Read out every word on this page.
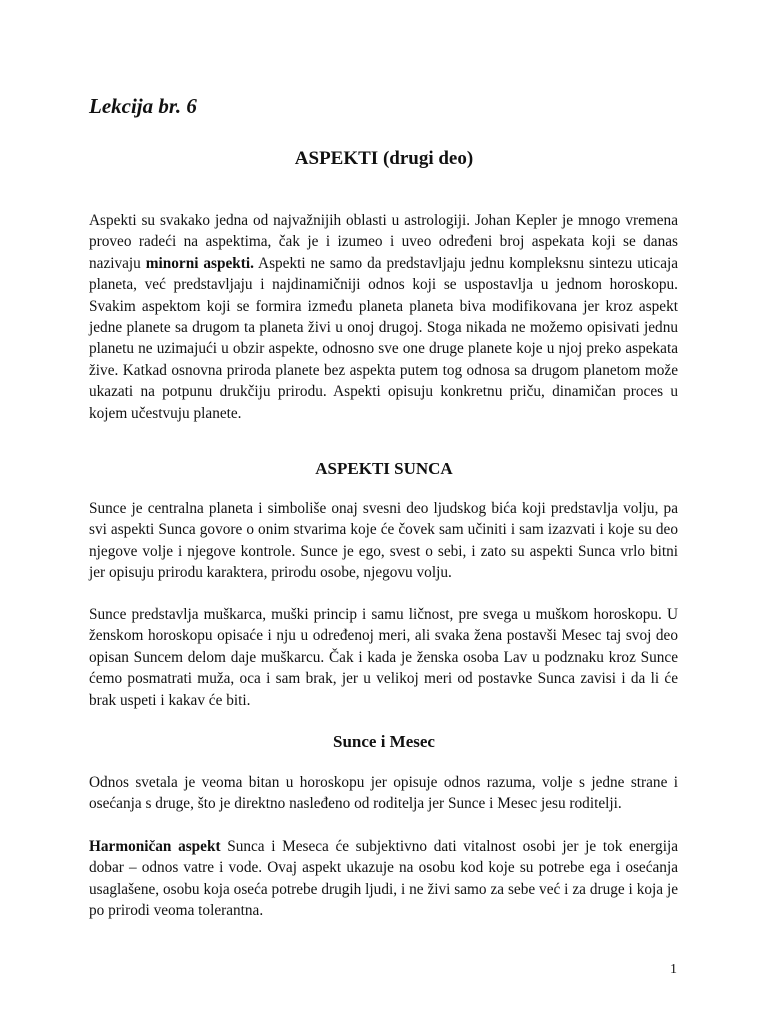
Lekcija br. 6

ASPEKTI (drugi deo)

Aspekti su svakako jedna od najvažnijih oblasti u astrologiji. Johan Kepler je mnogo vremena proveo radeći na aspektima, čak je i izumeo i uveo određeni broj aspekata koji se danas nazivaju minorni aspekti. Aspekti ne samo da predstavljaju jednu kompleksnu sintezu uticaja planeta, već predstavljaju i najdinamičniji odnos koji se uspostavlja u jednom horoskopu. Svakim aspektom koji se formira između planeta planeta biva modifikovana jer kroz aspekt jedne planete sa drugom ta planeta živi u onoj drugoj. Stoga nikada ne možemo opisivati jednu planetu ne uzimajući u obzir aspekte, odnosno sve one druge planete koje u njoj preko aspekata žive. Katkad osnovna priroda planete bez aspekta putem tog odnosa sa drugom planetom može ukazati na potpunu drukčiju prirodu. Aspekti opisuju konkretnu priču, dinamičan proces u kojem učestvuju planete.

ASPEKTI SUNCA

Sunce je centralna planeta i simboliše onaj svesni deo ljudskog bića koji predstavlja volju, pa svi aspekti Sunca govore o onim stvarima koje će čovek sam učiniti i sam izazvati i koje su deo njegove volje i njegove kontrole. Sunce je ego, svest o sebi, i zato su aspekti Sunca vrlo bitni jer opisuju prirodu karaktera, prirodu osobe, njegovu volju.

Sunce predstavlja muškarca, muški princip i samu ličnost, pre svega u muškom horoskopu. U ženskom horoskopu opisaće i nju u određenoj meri, ali svaka žena postavši Mesec taj svoj deo opisan Suncem delom daje muškarcu. Čak i kada je ženska osoba Lav u podznaku kroz Sunce ćemo posmatrati muža, oca i sam brak, jer u velikoj meri od postavke Sunca zavisi i da li će brak uspeti i kakav će biti.

Sunce i Mesec

Odnos svetala je veoma bitan u horoskopu jer opisuje odnos razuma, volje s jedne strane i osećanja s druge, što je direktno nasleđeno od roditelja jer Sunce i Mesec jesu roditelji.

Harmoničan aspekt Sunca i Meseca će subjektivno dati vitalnost osobi jer je tok energija dobar – odnos vatre i vode. Ovaj aspekt ukazuje na osobu kod koje su potrebe ega i osećanja usaglašene, osobu koja oseća potrebe drugih ljudi, i ne živi samo za sebe već i za druge i koja je po prirodi veoma tolerantna.

1
